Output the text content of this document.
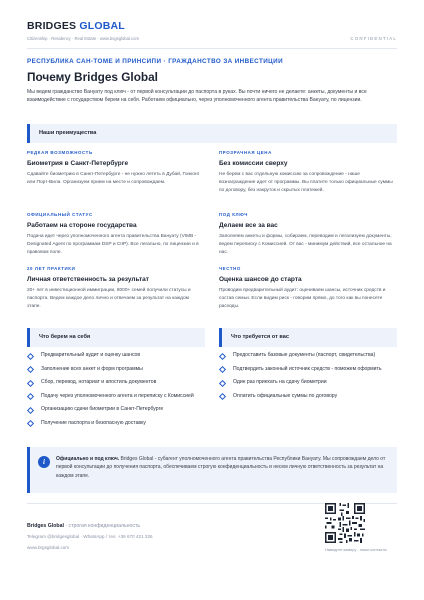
BRIDGES GLOBAL
Citizenship · Residency · Real Estate · www.bvgsglobal.com	CONFIDENTIAL
РЕСПУБЛИКА САН-ТОМЕ И ПРИНСИПИ · ГРАЖДАНСТВО ЗА ИНВЕСТИЦИИ
Почему Bridges Global
Мы ведем гражданство Вануату под ключ - от первой консультации до паспорта в руках. Вы почти ничего не делаете: анкеты, документы и все взаимодействие с государством берем на себя. Работаем официально, через уполномоченного агента правительства Вануату, по лицензии.
Наши преимущества
РЕДКАЯ ВОЗМОЖНОСТЬ
Биометрия в Санкт-Петербурге
Сдавайте биометрию в Санкт-Петербурге - не нужно лететь в Дубай, Гонконг или Порт-Вила. Организуем прием на месте и сопровождаем.
ПРОЗРАЧНАЯ ЦЕНА
Без комиссии сверху
Не берем с вас отдельную комиссию за сопровождение - наше вознаграждение идет от программы. Вы платите только официальные суммы по договору, без накруток и скрытых платежей.
ОФИЦИАЛЬНЫЙ СТАТУС
Работаем на стороне государства
Подача идет через уполномоченного агента правительства Вануату (VIMB - Designated Agent по программам DSP и CIIP). Все легально, по лицензии и в правовом поле.
ПОД КЛЮЧ
Делаем все за вас
Заполняем анкеты и формы, собираем, переводим и легализуем документы, ведем переписку с Комиссией. От вас - минимум действий, все остальное на нас.
20 ЛЕТ ПРАКТИКИ
Личная ответственность за результат
20+ лет в инвестиционной иммиграции, 8000+ семей получили статусы и паспорта. Ведем каждое дело лично и отвечаем за результат на каждом этапе.
ЧЕСТНО
Оценка шансов до старта
Проводим предварительный аудит: оцениваем шансы, источник средств и состав семьи. Если видим риск - говорим прямо, до того как вы понесете расходы.
Что берем на себя	Что требуется от вас
Предварительный аудит и оценку шансов
Заполнение всех анкет и форм программы
Сбор, перевод, нотариат и апостиль документов
Подачу через уполномоченного агента и переписку с Комиссией
Организацию сдачи биометрии в Санкт-Петербурге
Получение паспорта и безопасную доставку
Предоставить базовые документы (паспорт, свидетельства)
Подтвердить законный источник средств - поможем оформить
Один раз приехать на сдачу биометрии
Оплатить официальные суммы по договору
i	Официально и под ключ. Bridges Global - субагент уполномоченного агента правительства Республики Вануату. Мы сопровождаем дело от первой консультации до получения паспорта, обеспечиваем строгую конфиденциальность и несем личную ответственность за результат на каждом этапе.
Bridges Global · строгая конфиденциальность
Telegram @bridgesglobal · WhatsApp / тел. +36 670 421 326
www.brgsglobal.com	Наведите камеру - наши контакты
